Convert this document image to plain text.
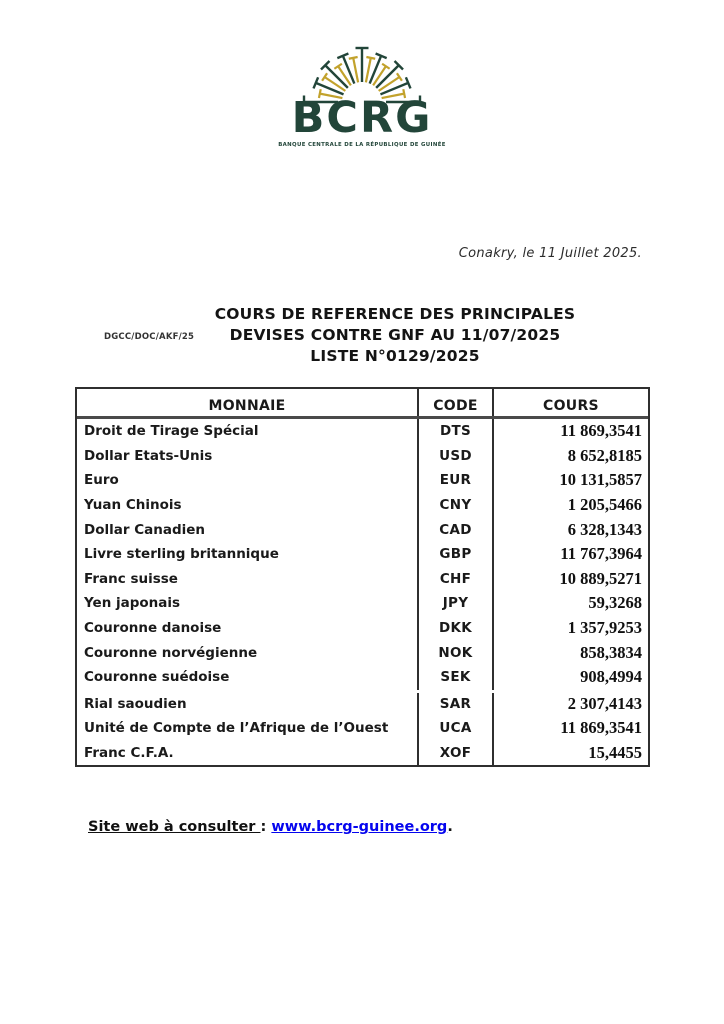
BCRG
BANQUE CENTRALE DE LA RÉPUBLIQUE DE GUINÉE
Conakry, le 11 Juillet 2025.
DGCC/DOC/AKF/25
COURS DE REFERENCE DES PRINCIPALES
DEVISES CONTRE GNF AU 11/07/2025
LISTE N°0129/2025
MONNAIE	CODE	COURS
Droit de Tirage Spécial	DTS	11 869,3541
Dollar Etats-Unis	USD	8 652,8185
Euro	EUR	10 131,5857
Yuan Chinois	CNY	1 205,5466
Dollar Canadien	CAD	6 328,1343
Livre sterling britannique	GBP	11 767,3964
Franc suisse	CHF	10 889,5271
Yen japonais	JPY	59,3268
Couronne danoise	DKK	1 357,9253
Couronne norvégienne	NOK	858,3834
Couronne suédoise	SEK	908,4994
Rial saoudien	SAR	2 307,4143
Unité de Compte de l’Afrique de l’Ouest	UCA	11 869,3541
Franc C.F.A.	XOF	15,4455
Site web à consulter : www.bcrg-guinee.org.
